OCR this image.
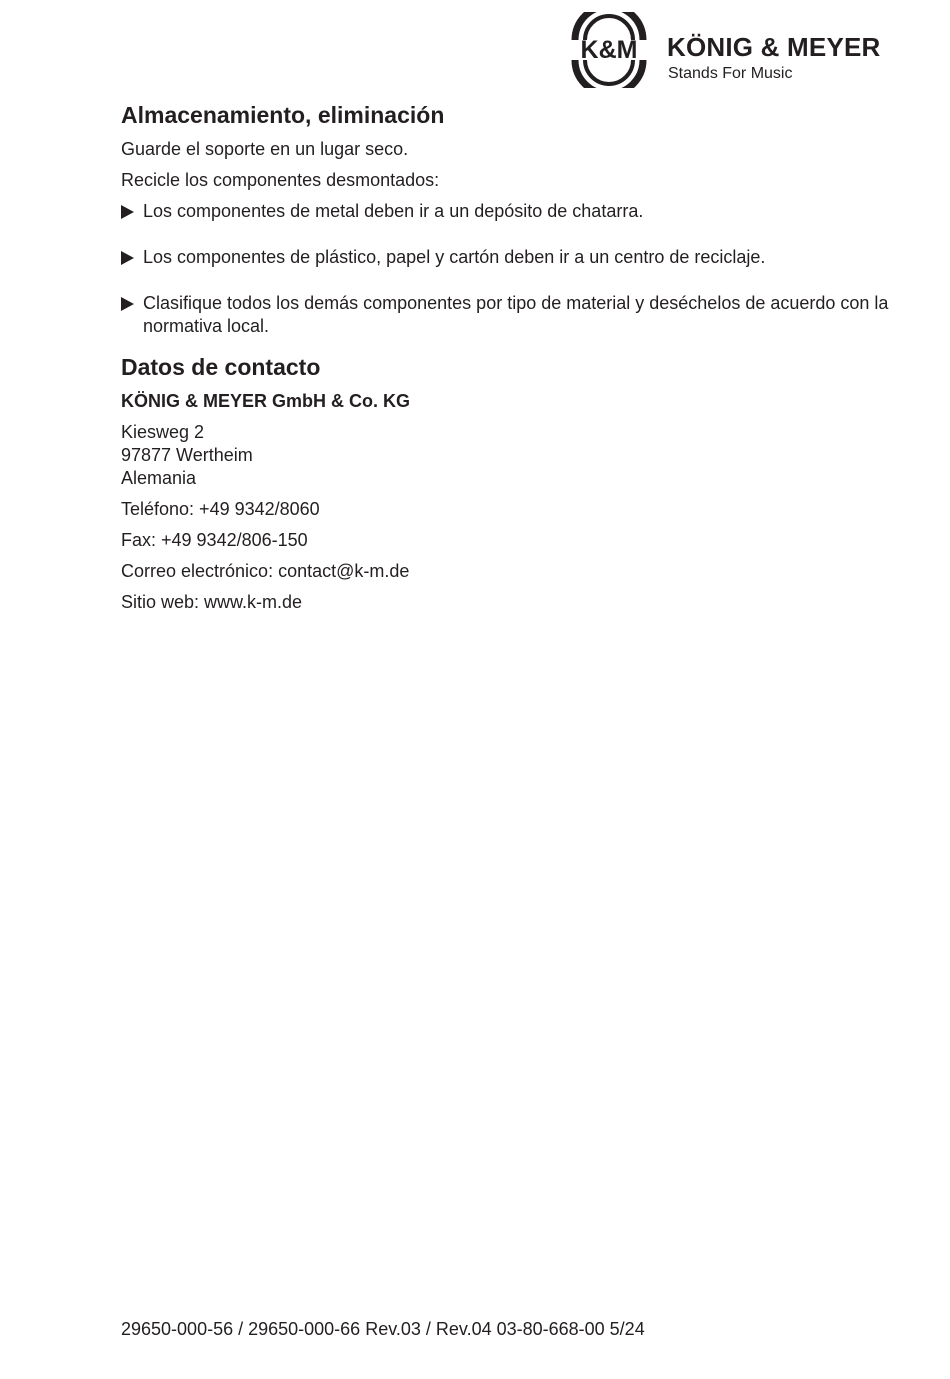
K&M KÖNIG & MEYER
Stands For Music
Almacenamiento, eliminación

Guarde el soporte en un lugar seco.

Recicle los componentes desmontados:

Los componentes de metal deben ir a un depósito de chatarra.
Los componentes de plástico, papel y cartón deben ir a un centro de reciclaje.
Clasifique todos los demás componentes por tipo de material y deséchelos de acuerdo con la normativa local.
Datos de contacto

KÖNIG & MEYER GmbH & Co. KG

Kiesweg 2
97877 Wertheim
Alemania

Teléfono: +49 9342/8060

Fax: +49 9342/806-150

Correo electrónico: contact@k-m.de

Sitio web: www.k-m.de

29650-000-56 / 29650-000-66 Rev.03 / Rev.04 03-80-668-00 5/24
